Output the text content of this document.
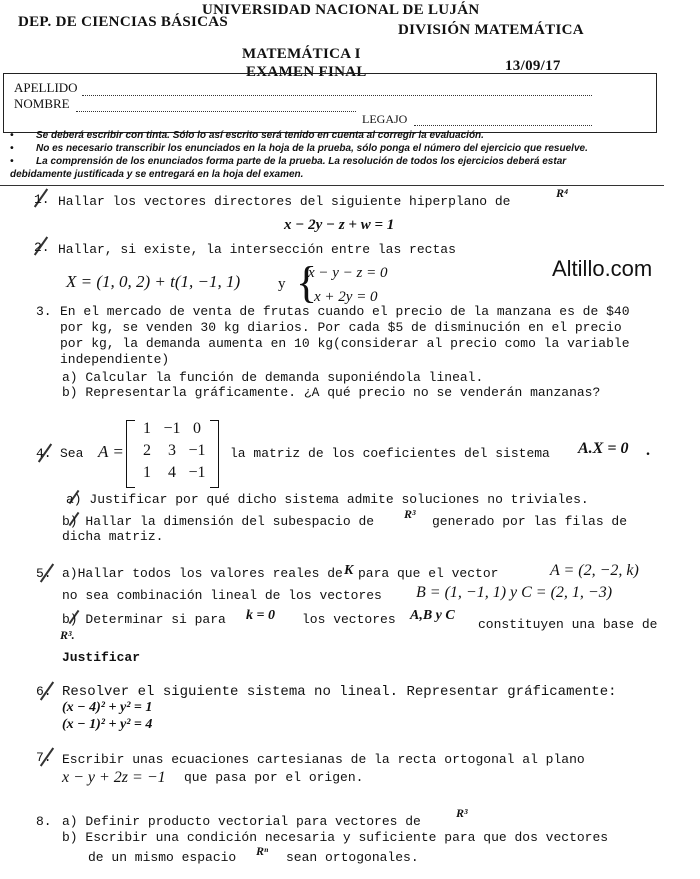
DEP. DE CIENCIAS BÁSICAS
UNIVERSIDAD NACIONAL DE LUJÁN
DIVISIÓN MATEMÁTICA
MATEMÁTICA I
EXAMEN FINAL	13/09/17
APELLIDO
NOMBRE
LEGAJO
• Se deberá escribir con tinta. Sólo lo así escrito será tenido en cuenta al corregir la evaluación.
• No es necesario transcribir los enunciados en la hoja de la prueba, sólo ponga el número del ejercicio que resuelve.
• La comprensión de los enunciados forma parte de la prueba. La resolución de todos los ejercicios deberá estar
debidamente justificada y se entregará en la hoja del examen.
1. Hallar los vectores directores del siguiente hiperplano de
R⁴
x − 2y − z + w = 1
2. Hallar, si existe, la intersección entre las rectas
X = (1, 0, 2) + t(1, −1, 1)	y {
x − y − z = 0
x + 2y = 0
Altillo.com
3. En el mercado de venta de frutas cuando el precio de la manzana es de $40
por kg, se venden 30 kg diarios. Por cada $5 de disminución en el precio
por kg, la demanda aumenta en 10 kg(considerar al precio como la variable
independiente)
a) Calcular la función de demanda suponiéndola lineal.
b) Representarla gráficamente. ¿A qué precio no se venderán manzanas?
4. Sea A =
1 −1 0
2	3 −1
1	4 −1
la matriz de los coeficientes del sistema A.X = 0 .
a) Justificar por qué dicho sistema admite soluciones no triviales.
b) Hallar la dimensión del subespacio de R³ generado por las filas de
dicha matriz.
5. a)Hallar todos los valores reales de K para que el vector	A = (2, −2, k)
no sea combinación lineal de los vectores B = (1, −1, 1) y C = (2, 1, −3)
b) Determinar si para k = 0 los vectores A,B y C
constituyen una base de
R³.
Justificar
6. Resolver el siguiente sistema no lineal. Representar gráficamente:
(x − 4)² + y² = 1
(x − 1)² + y² = 4
7. Escribir unas ecuaciones cartesianas de la recta ortogonal al plano
x − y + 2z = −1 que pasa por el origen.
8. a) Definir producto vectorial para vectores de
R³
b) Escribir una condición necesaria y suficiente para que dos vectores
de un mismo espacio Rⁿ sean ortogonales.
